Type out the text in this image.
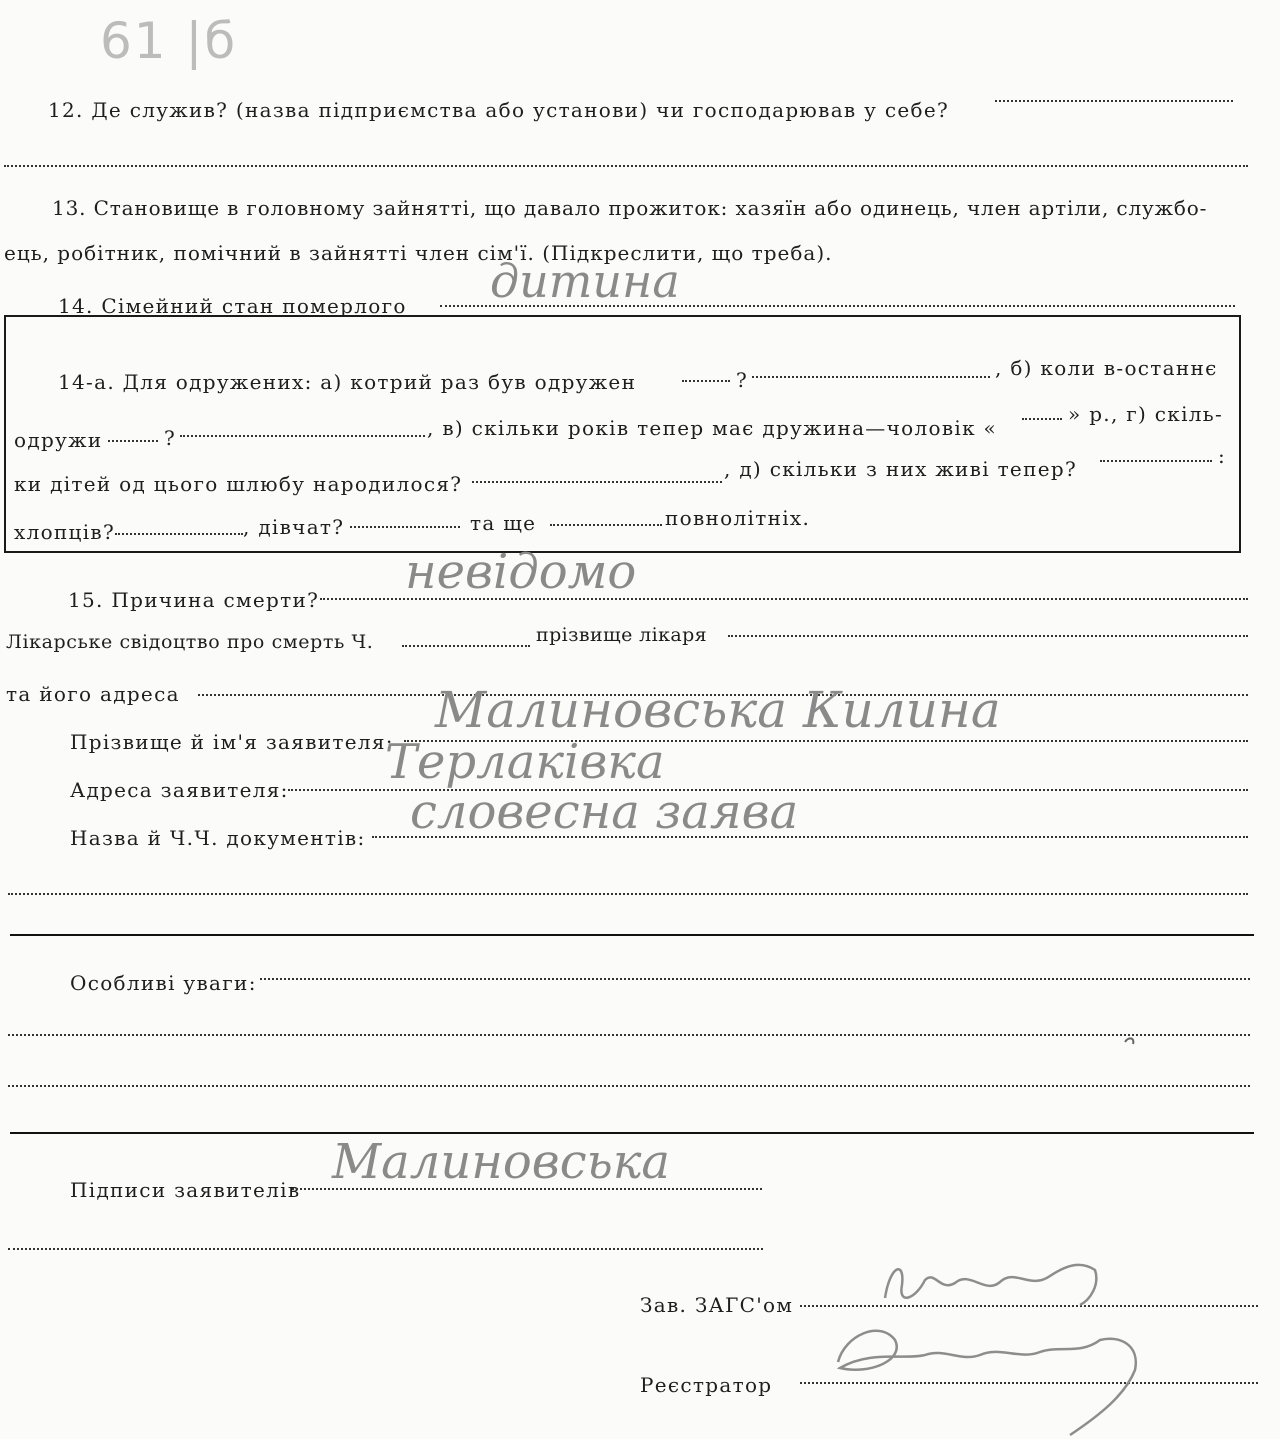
61 |б
12. Де служив? (назва підприємства або установи) чи господарював у себе?
13. Становище в головному зайнятті, що давало прожиток: хазяїн або одинець, член артіли, службо-
ець, робітник, помічний в зайнятті член сім'ї. (Підкреслити, що треба).
14. Сімейний стан померлого дитина
14-а. Для одружених: а) котрий раз був одружен	?	, б) коли в-останнє
одружи	?	, в) скільки років тепер має дружина—чоловік «
» р., г) скіль-
ки дітей од цього шлюбу народилося?
, д) скільки з них живі тепер?
:
хлопців?	, дівчат?	та ще	повнолітніх.
15. Причина смерти? невідомо
Лікарське свідоцтво про смерть Ч.	прізвище лікаря
та його адреса
Прізвище й ім'я заявителя:
Малиновська Килина
Адреса заявителя: Терлаківка
Назва й Ч.Ч. документів: словесна заява
Особливі уваги:
Підписи заявителів Малиновська
Зав. ЗАГС'ом
Реєстратор
